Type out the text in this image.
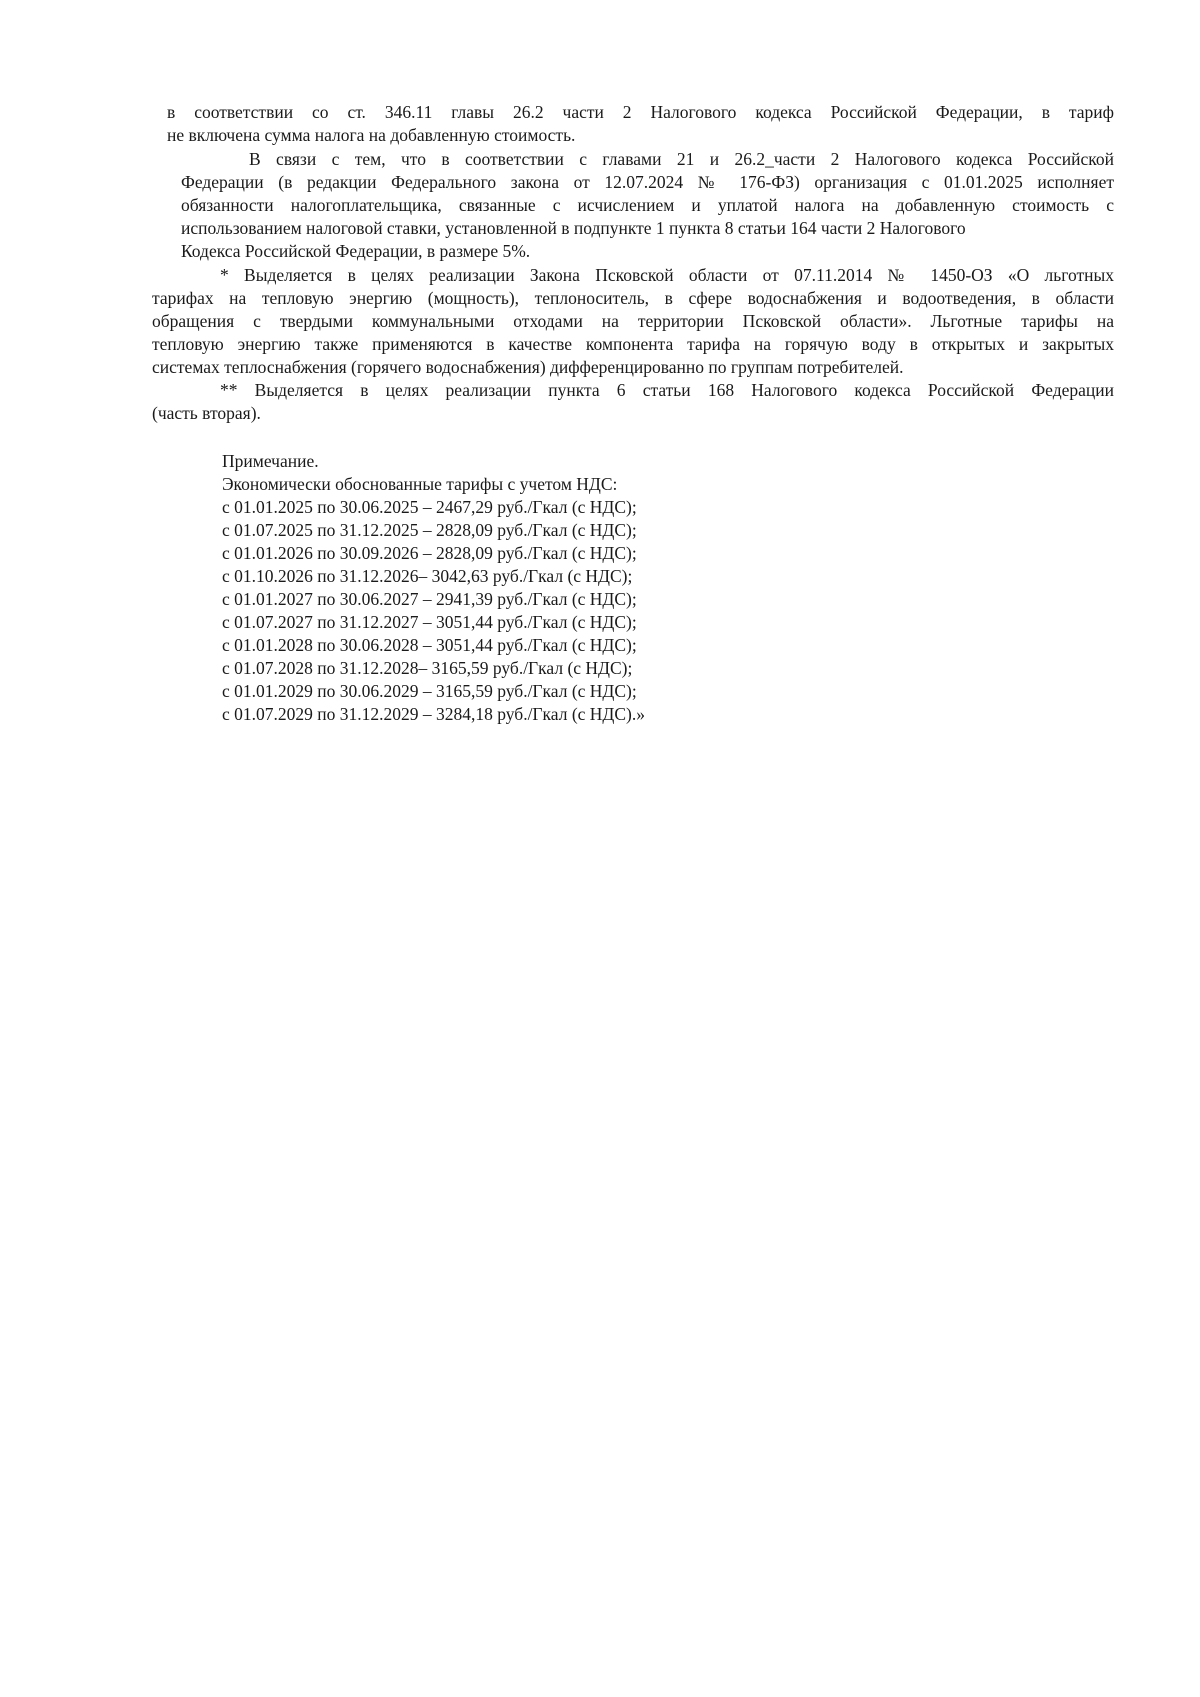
в соответствии со ст. 346.11 главы 26.2 части 2 Налогового кодекса Российской Федерации, в тариф
не включена сумма налога на добавленную стоимость.
В связи с тем, что в соответствии с главами 21 и 26.2_части 2 Налогового кодекса Российской
Федерации (в редакции Федерального закона от 12.07.2024 № 176-ФЗ) организация с 01.01.2025 исполняет
обязанности налогоплательщика, связанные с исчислением и уплатой налога на добавленную стоимость с
использованием налоговой ставки, установленной в подпункте 1 пункта 8 статьи 164 части 2 Налогового
Кодекса Российской Федерации, в размере 5%.
* Выделяется в целях реализации Закона Псковской области от 07.11.2014 № 1450-ОЗ «О льготных
тарифах на тепловую энергию (мощность), теплоноситель, в сфере водоснабжения и водоотведения, в области
обращения с твердыми коммунальными отходами на территории Псковской области». Льготные тарифы на
тепловую энергию также применяются в качестве компонента тарифа на горячую воду в открытых и закрытых
системах теплоснабжения (горячего водоснабжения) дифференцированно по группам потребителей.
** Выделяется в целях реализации пункта 6 статьи 168 Налогового кодекса Российской Федерации
(часть вторая).
Примечание.
Экономически обоснованные тарифы с учетом НДС:
с 01.01.2025 по 30.06.2025 – 2467,29 руб./Гкал (с НДС);
с 01.07.2025 по 31.12.2025 – 2828,09 руб./Гкал (с НДС);
с 01.01.2026 по 30.09.2026 – 2828,09 руб./Гкал (с НДС);
с 01.10.2026 по 31.12.2026– 3042,63 руб./Гкал (с НДС);
с 01.01.2027 по 30.06.2027 – 2941,39 руб./Гкал (с НДС);
с 01.07.2027 по 31.12.2027 – 3051,44 руб./Гкал (с НДС);
с 01.01.2028 по 30.06.2028 – 3051,44 руб./Гкал (с НДС);
с 01.07.2028 по 31.12.2028– 3165,59 руб./Гкал (с НДС);
с 01.01.2029 по 30.06.2029 – 3165,59 руб./Гкал (с НДС);
с 01.07.2029 по 31.12.2029 – 3284,18 руб./Гкал (с НДС).»
